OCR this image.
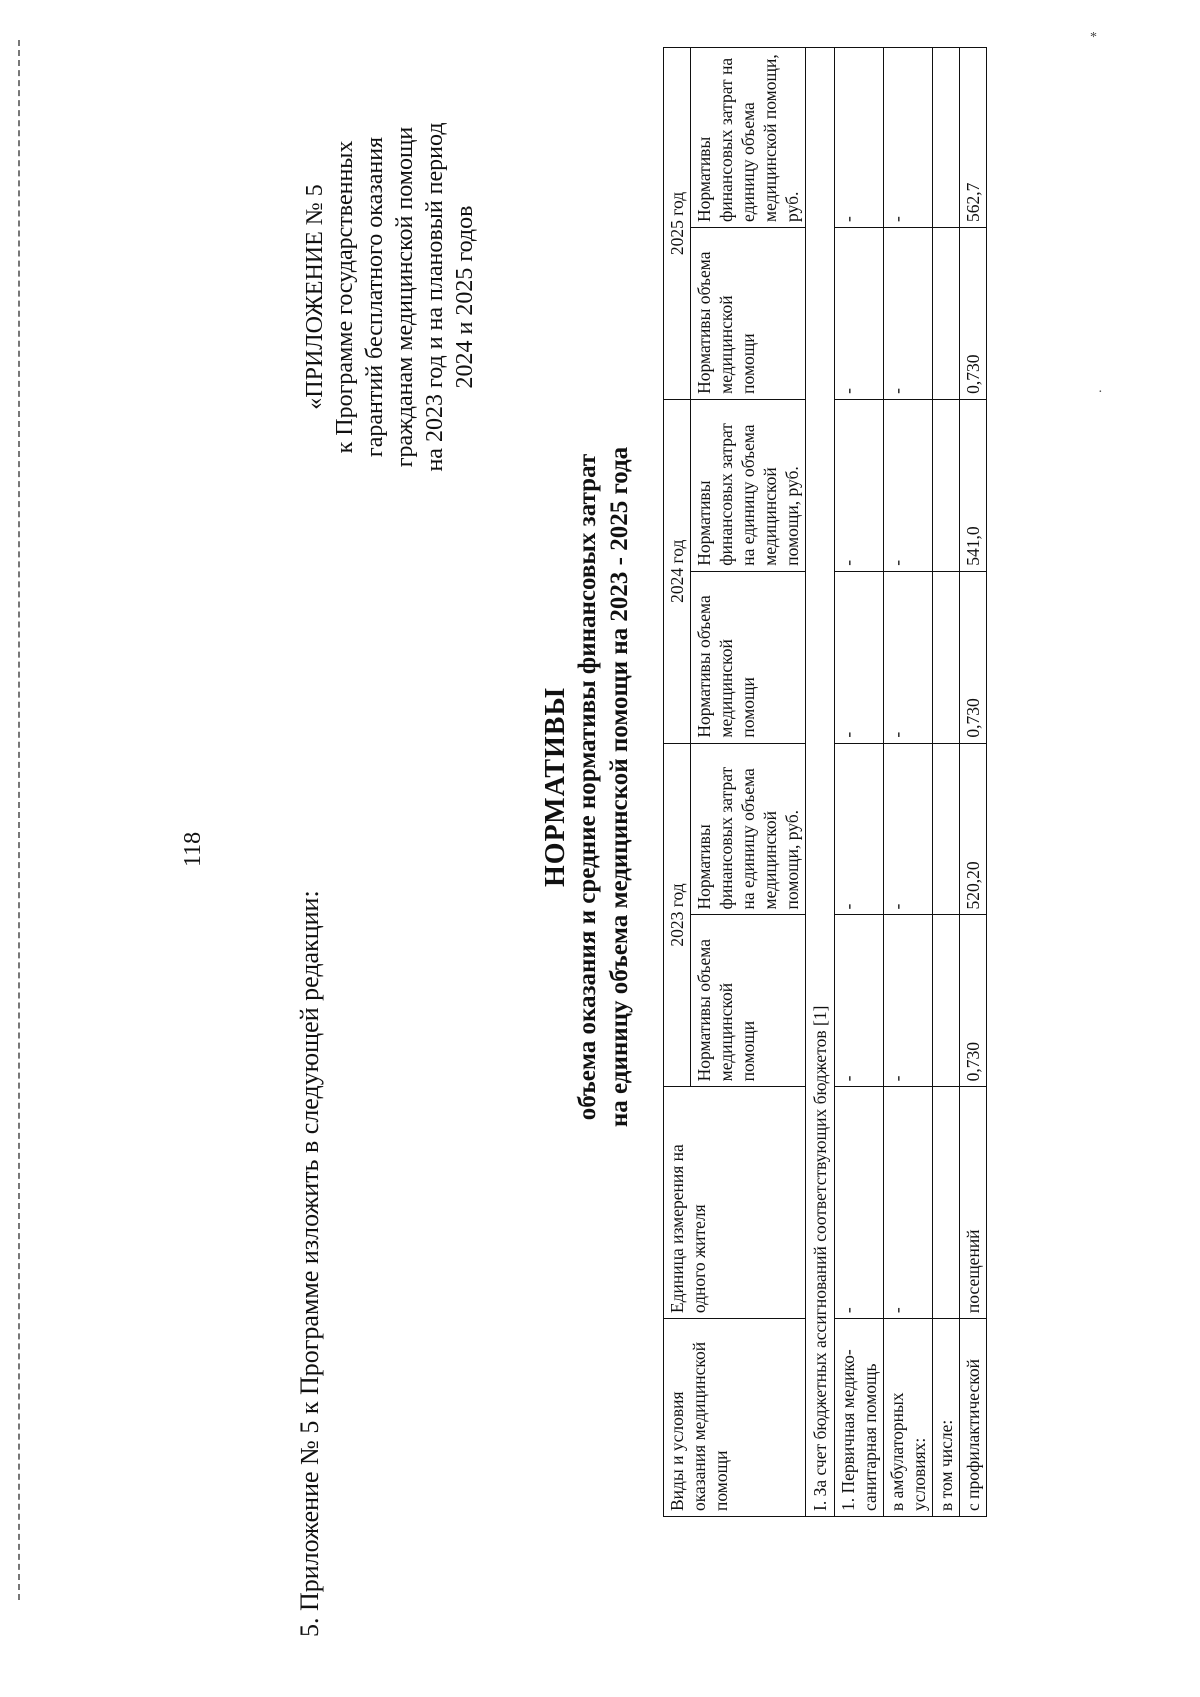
*
·
118
5. Приложение № 5 к Программе изложить в следующей редакции:
«ПРИЛОЖЕНИЕ № 5 к Программе государственных гарантий бесплатного оказания гражданам медицинской помощи на 2023 год и на плановый период 2024 и 2025 годов
НОРМАТИВЫ объема оказания и средние нормативы финансовых затрат на единицу объема медицинской помощи на 2023 - 2025 года
Виды и условия оказания медицинской помощи	Единица измерения на одного жителя	2023 год		2024 год		2025 год	
		Нормативы объема медицинской помощи	Нормативы финансовых затрат на единицу объема медицинской помощи, руб.	Нормативы объема медицинской помощи	Нормативы финансовых затрат на единицу объема медицинской помощи, руб.	Нормативы объема медицинской помощи	Нормативы финансовых затрат на единицу объема медицинской помощи, руб.
I. За счет бюджетных ассигнований соответствующих бюджетов [1]							
1. Первичная медико-санитарная помощь	-	-	-	-	-	-	-
в амбулаторных условиях:	-	-	-	-	-	-	-
в том числе:							
с профилактической	посещений	0,730	520,20	0,730	541,0	0,730	562,7
